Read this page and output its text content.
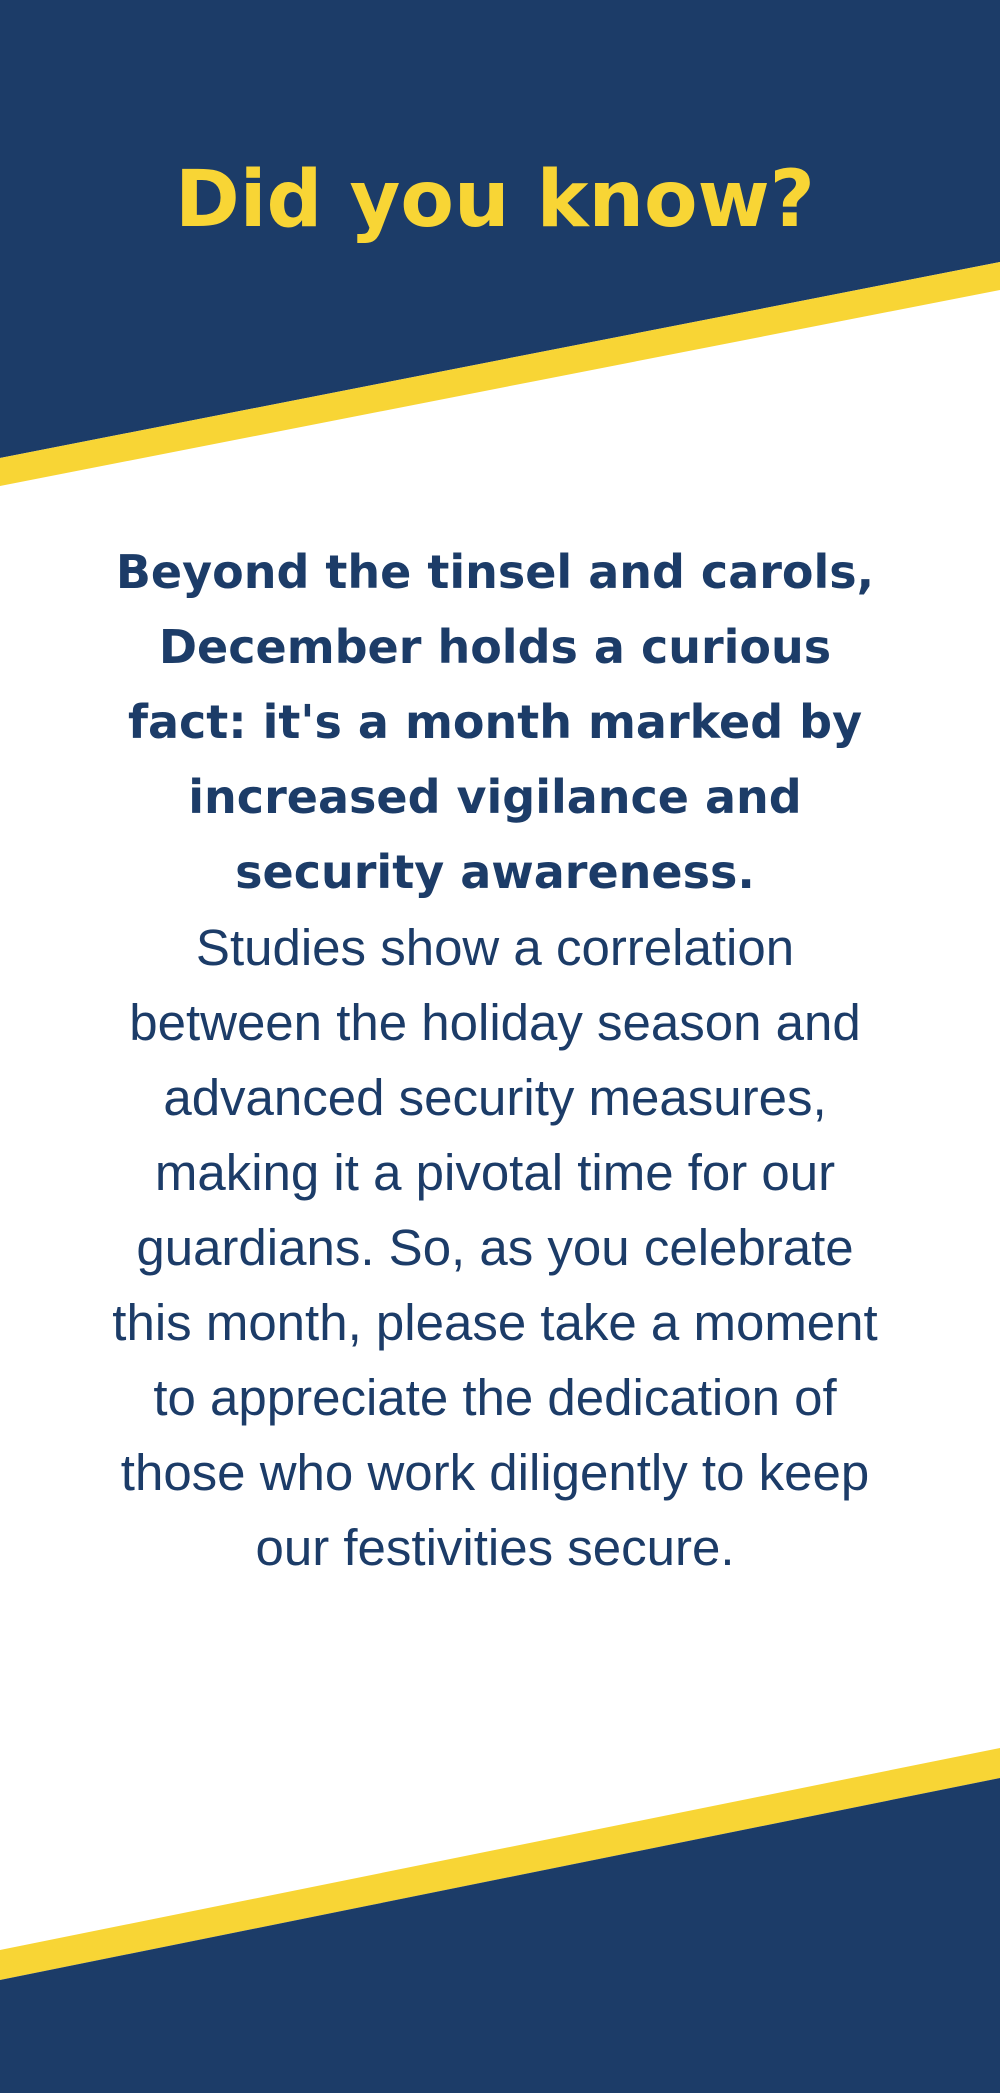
Did you know?

Beyond the tinsel and carols, December holds a curious fact: it's a month marked by increased vigilance and security awareness.

Studies show a correlation between the holiday season and advanced security measures, making it a pivotal time for our guardians. So, as you celebrate this month, please take a moment to appreciate the dedication of those who work diligently to keep our festivities secure.
